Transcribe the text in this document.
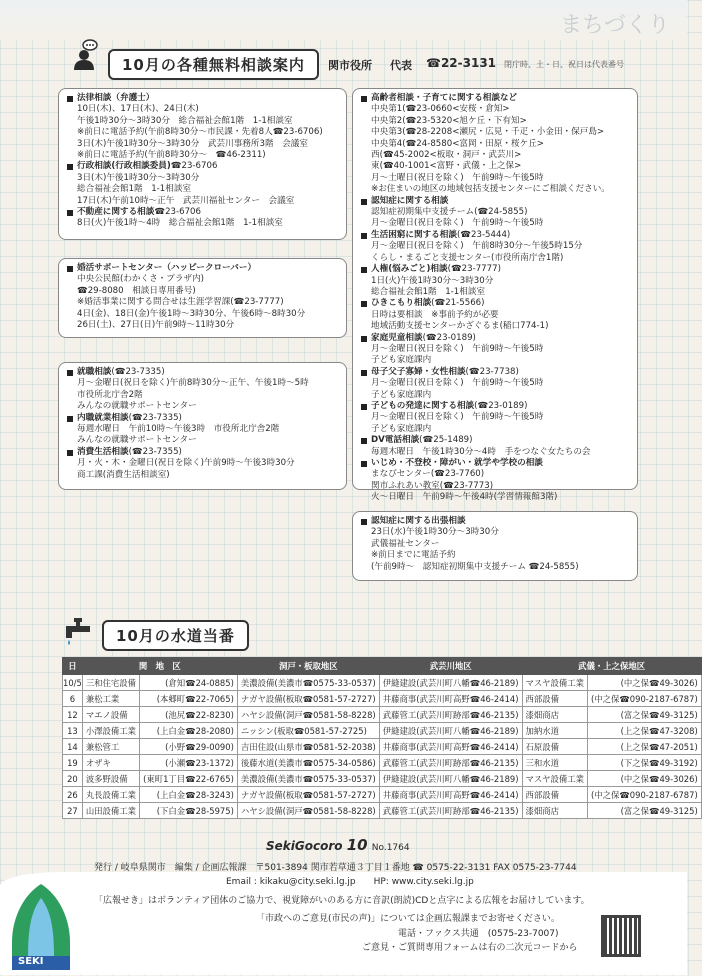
まちづくり
10月の各種無料相談案内	関市役所 代表 ☎22-3131 閉庁時、土・日、祝日は代表番号
法律相談（弁護士）
10日(木)、17日(木)、24日(木)
午後1時30分～3時30分　総合福祉会館1階　1-1相談室
※前日に電話予約(午前8時30分～市民課・先着8人☎23-6706)
3日(木)午後1時30分～3時30分　武芸川事務所3階　会議室
※前日に電話予約(午前8時30分～　☎46-2311)
行政相談(行政相談委員)☎23-6706
3日(木)午後1時30分～3時30分
総合福祉会館1階　1-1相談室
17日(木)午前10時～正午　武芸川福祉センター　会議室
不動産に関する相談☎23-6706
8日(火)午後1時～4時　総合福祉会館1階　1-1相談室
婚活サポートセンター（ハッピークローバー）
中央公民館(わかくさ・プラザ内)
☎29-8080　相談日専用番号)
※婚活事業に関する問合せは生涯学習課(☎23-7777)
4日(金)、18日(金)午後1時～3時30分、午後6時～8時30分
26日(土)、27日(日)午前9時～11時30分
就職相談(☎23-7335)
月～金曜日(祝日を除く)午前8時30分～正午、午後1時～5時
市役所北庁舎2階
みんなの就職サポートセンター
内職就業相談(☎23-7335)
毎週水曜日　午前10時～午後3時　市役所北庁舎2階
みんなの就職サポートセンター
消費生活相談(☎23-7355)
月・火・木・金曜日(祝日を除く)午前9時～午後3時30分
商工課(消費生活相談室)
高齢者相談・子育てに関する相談など
中央第1(☎23-0660<安桜・倉知>
中央第2(☎23-5320<旭ケ丘・下有知>
中央第3(☎28-2208<瀬尻・広見・千疋・小金田・保戸島>
中央第4(☎24-8580<富岡・田原・桜ケ丘>
西(☎45-2002<板取・洞戸・武芸川>
東(☎40-1001<富野・武儀・上之保>
月～土曜日(祝日を除く)　午前9時～午後5時
※お住まいの地区の地域包括支援センターにご相談ください。
認知症に関する相談
認知症初期集中支援チーム(☎24-5855)
月～金曜日(祝日を除く)　午前9時～午後5時
生活困窮に関する相談(☎23-5444)
月～金曜日(祝日を除く)　午前8時30分～午後5時15分
くらし・まるごと支援センター(市役所南庁舎1階)
人権(悩みごと)相談(☎23-7777)
1日(火)午後1時30分～3時30分
総合福祉会館1階　1-1相談室
ひきこもり相談(☎21-5566)
日時は要相談　※事前予約が必要
地域活動支援センターかざぐるま(稲口774-1)
家庭児童相談(☎23-0189)
月～金曜日(祝日を除く)　午前9時～午後5時
子ども家庭課内
母子父子寡婦・女性相談(☎23-7738)
月～金曜日(祝日を除く)　午前9時～午後5時
子ども家庭課内
子どもの発達に関する相談(☎23-0189)
月～金曜日(祝日を除く)　午前9時～午後5時
子ども家庭課内
DV電話相談(☎25-1489)
毎週木曜日　午後1時30分～4時　手をつなぐ女たちの会
いじめ・不登校・障がい・就学や学校の相談
まなびセンター(☎23-7760)
関市ふれあい教室(☎23-7773)
火～日曜日　午前9時～午後4時(学習情報館3階)
認知症に関する出張相談
23日(水)午後1時30分～3時30分
武儀福祉センター
※前日までに電話予約
(午前9時～　認知症初期集中支援チーム ☎24-5855)
10月の水道当番
日	関　地　区		洞戸・板取地区	武芸川地区	武儀・上之保地区	
10/5	三和住宅設備	(倉知☎24-0885)	美濃設備(美濃市☎0575-33-0537)	伊縫建設(武芸川町八幡☎46-2189)	マスヤ設備工業	(中之保☎49-3026)
6	兼松工業	(本郷町☎22-7065)	ナガヤ設備(板取☎0581-57-2727)	井藤商事(武芸川町高野☎46-2414)	西部設備	(中之保☎090-2187-6787)
12	マエノ設備	(池尻☎22-8230)	ハヤシ設備(洞戸☎0581-58-8228)	武藤管工(武芸川町跡部☎46-2135)	漆畑商店	(富之保☎49-3125)
13	小澤設備工業	(上白金☎28-2080)	ニッシン(板取☎0581-57-2725)	伊縫建設(武芸川町八幡☎46-2189)	加納水道	(上之保☎47-3208)
14	兼松管工	(小野☎29-0090)	吉田住設(山県市☎0581-52-2038)	井藤商事(武芸川町高野☎46-2414)	石原設備	(上之保☎47-2051)
19	オザキ	(小瀬☎23-1372)	後藤水道(美濃市☎0575-34-0586)	武藤管工(武芸川町跡部☎46-2135)	三和水道	(下之保☎49-3192)
20	波多野設備	(東町1丁目☎22-6765)	美濃設備(美濃市☎0575-33-0537)	伊縫建設(武芸川町八幡☎46-2189)	マスヤ設備工業	(中之保☎49-3026)
26	丸長設備工業	(上白金☎28-3243)	ナガヤ設備(板取☎0581-57-2727)	井藤商事(武芸川町高野☎46-2414)	西部設備	(中之保☎090-2187-6787)
27	山田設備工業	(下白金☎28-5975)	ハヤシ設備(洞戸☎0581-58-8228)	武藤管工(武芸川町跡部☎46-2135)	漆畑商店	(富之保☎49-3125)
SEKI
SekiGocoro 10 No.1764
発行 / 岐阜県関市　編集 / 企画広報課　〒501-3894 関市若草通３丁目１番地 ☎ 0575-22-3131 FAX 0575-23-7744
Email : kikaku@city.seki.lg.jp　　HP: www.city.seki.lg.jp
「広報せき」はボランティア団体のご協力で、視覚障がいのある方に音訳(朗読)CDと点字による広報をお届けしています。
「市政へのご意見(市民の声)」については企画広報課までお寄せください。
電話・ファクス共通　(0575-23-7007)
ご意見・ご質問専用フォームは右の二次元コードから
